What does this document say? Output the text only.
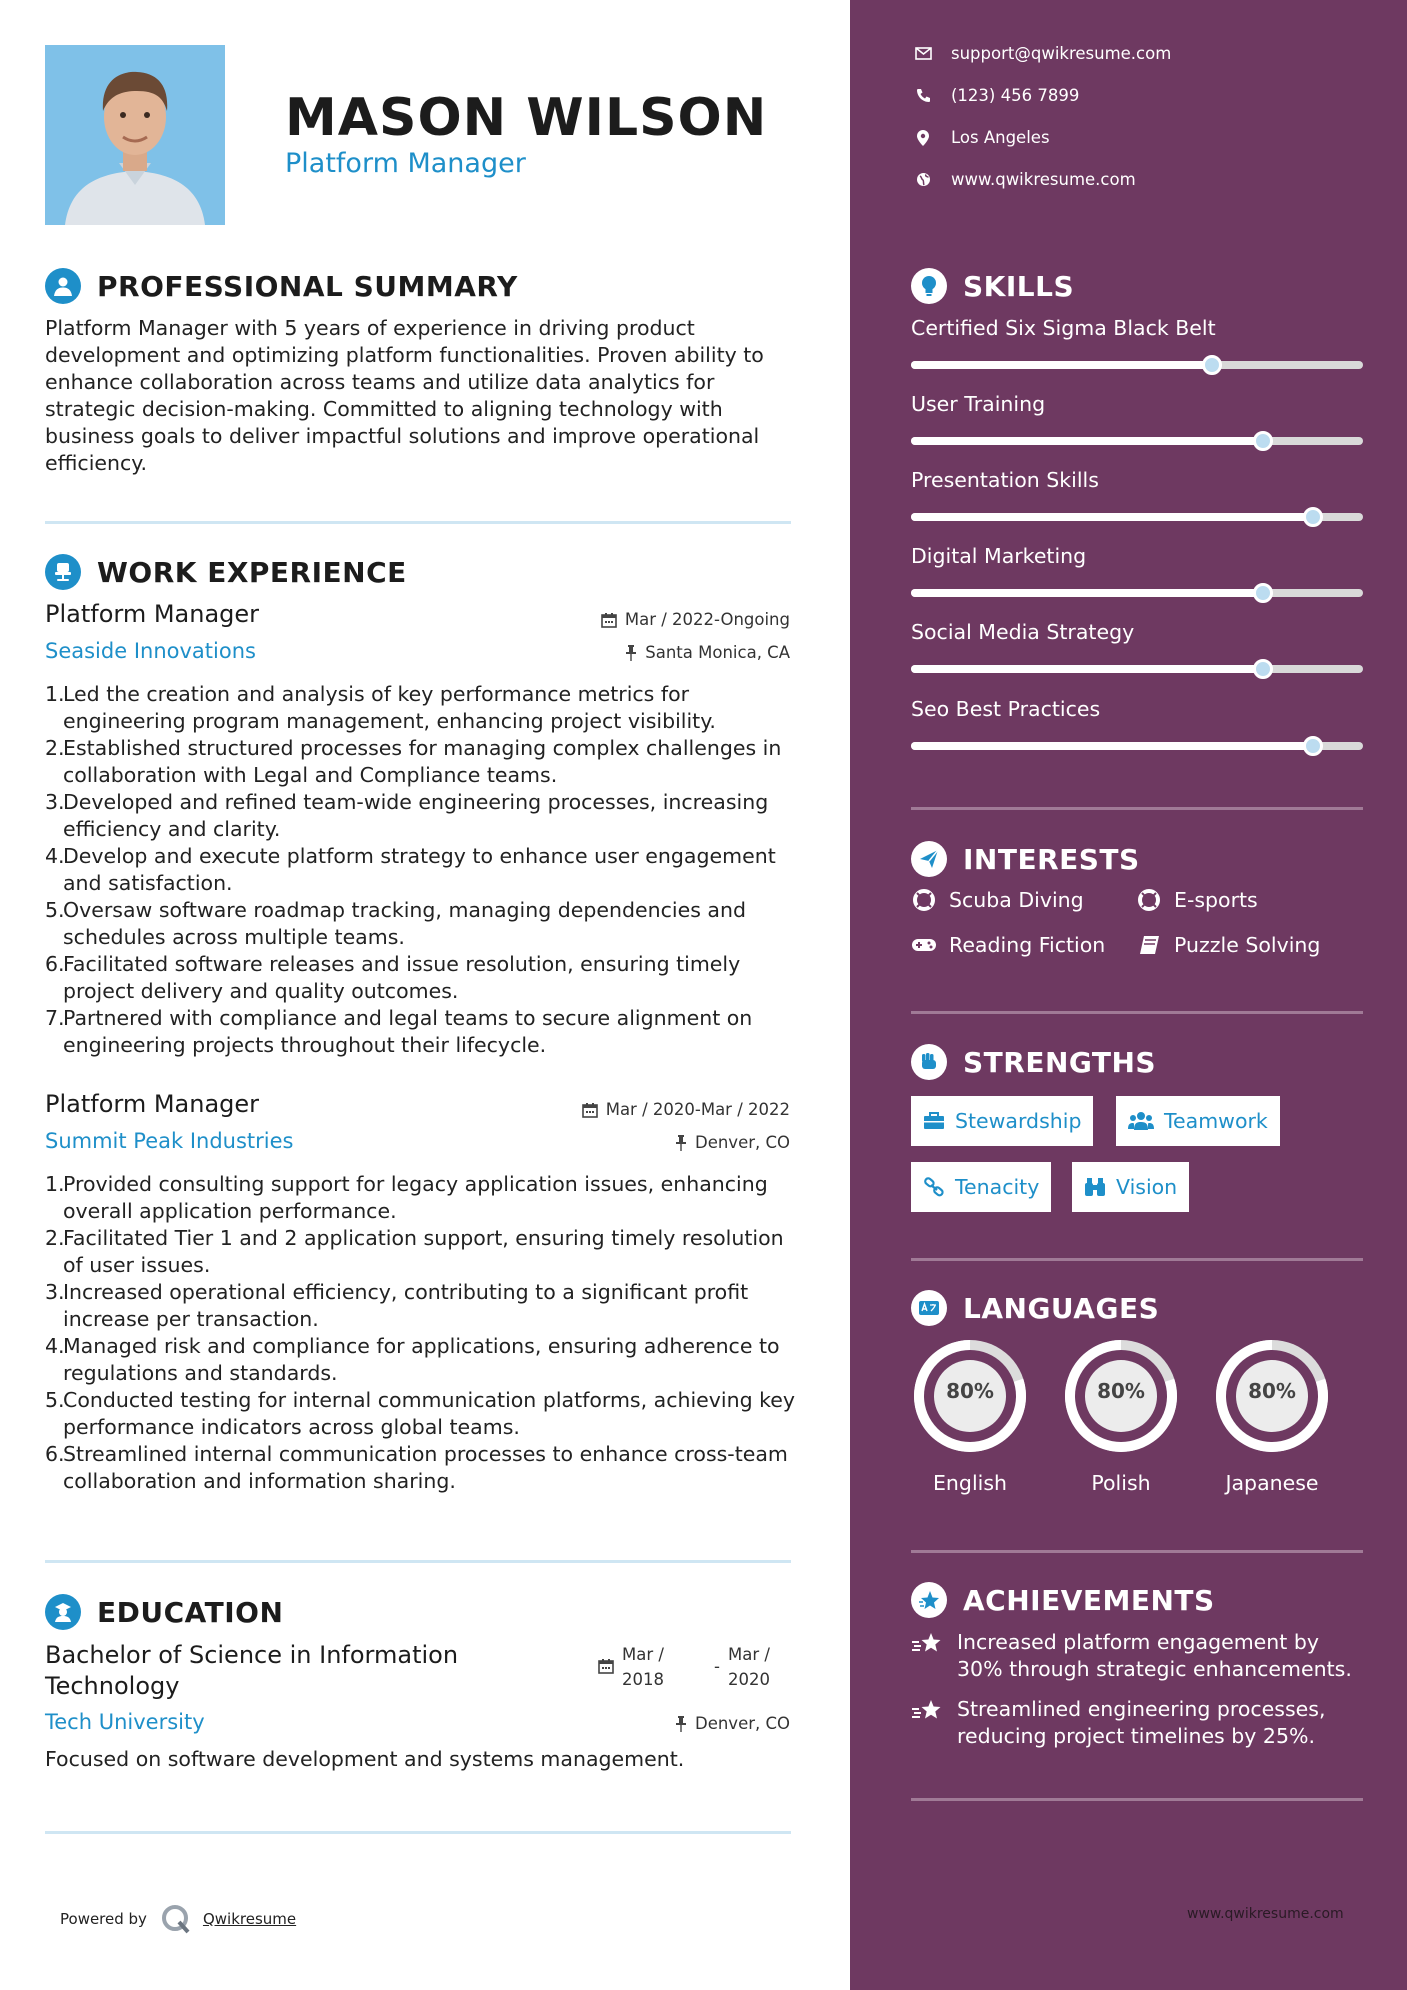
MASON WILSON
Platform Manager
PROFESSIONAL SUMMARY
Platform Manager with 5 years of experience in driving product development and optimizing platform functionalities. Proven ability to enhance collaboration across teams and utilize data analytics for strategic decision-making. Committed to aligning technology with business goals to deliver impactful solutions and improve operational efficiency.
WORK EXPERIENCE
Platform Manager	Mar / 2022-Ongoing
Seaside Innovations	Santa Monica, CA
1.
Led the creation and analysis of key performance metrics for engineering program management, enhancing project visibility.
2.
Established structured processes for managing complex challenges in collaboration with Legal and Compliance teams.
3.
Developed and refined team-wide engineering processes, increasing efficiency and clarity.
4.
Develop and execute platform strategy to enhance user engagement and satisfaction.
5.
Oversaw software roadmap tracking, managing dependencies and schedules across multiple teams.
6.
Facilitated software releases and issue resolution, ensuring timely project delivery and quality outcomes.
7.
Partnered with compliance and legal teams to secure alignment on engineering projects throughout their lifecycle.
Platform Manager	Mar / 2020-Mar / 2022
Summit Peak Industries	Denver, CO
1.
Provided consulting support for legacy application issues, enhancing overall application performance.
2.
Facilitated Tier 1 and 2 application support, ensuring timely resolution of user issues.
3.
Increased operational efficiency, contributing to a significant profit increase per transaction.
4.
Managed risk and compliance for applications, ensuring adherence to regulations and standards.
5.
Conducted testing for internal communication platforms, achieving key performance indicators across global teams.
6.
Streamlined internal communication processes to enhance cross-team collaboration and information sharing.
EDUCATION
Bachelor of Science in Information
Technology
Mar /
2018
-
Mar /
2020
Tech University	Denver, CO
Focused on software development and systems management.
Powered by	Qwikresume
support@qwikresume.com
(123) 456 7899
Los Angeles
www.qwikresume.com
SKILLS
Certified Six Sigma Black Belt
User Training
Presentation Skills
Digital Marketing
Social Media Strategy
Seo Best Practices
INTERESTS
Scuba Diving	E-sports
Reading Fiction	Puzzle Solving
STRENGTHS
Stewardship	Teamwork
Tenacity	Vision
LANGUAGES
80%
English
80%
Polish
80%
Japanese
ACHIEVEMENTS
Increased platform engagement by 30% through strategic enhancements.
Streamlined engineering processes, reducing project timelines by 25%.
www.qwikresume.com
